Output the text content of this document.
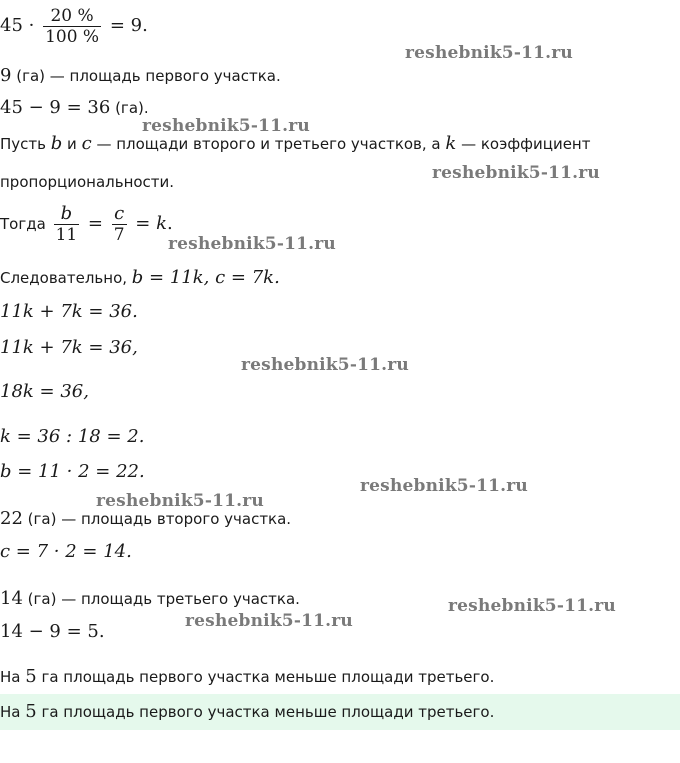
$45 \cdot \frac{20 \%}{100 \%} = 9$.
9 (га) — площадь первого участка.
45 − 9 = 36 (га).
Пусть b и c — площади второго и третьего участков, а k — коэффициент
пропорциональности.
Тогда $\frac{b}{11} = \frac{c}{7} = k$.
Следовательно, b = 11k, c = 7k.
11k + 7k = 36.
11k + 7k = 36,
18k = 36,
k = 36 : 18 = 2.
b = 11 · 2 = 22.
22 (га) — площадь второго участка.
c = 7 · 2 = 14.
14 (га) — площадь третьего участка.
14 − 9 = 5.
На 5 га площадь первого участка меньше площади третьего.
На 5 га площадь первого участка меньше площади третьего.
reshebnik5-11.ru
reshebnik5-11.ru
reshebnik5-11.ru
reshebnik5-11.ru
reshebnik5-11.ru
reshebnik5-11.ru
reshebnik5-11.ru
reshebnik5-11.ru
reshebnik5-11.ru
